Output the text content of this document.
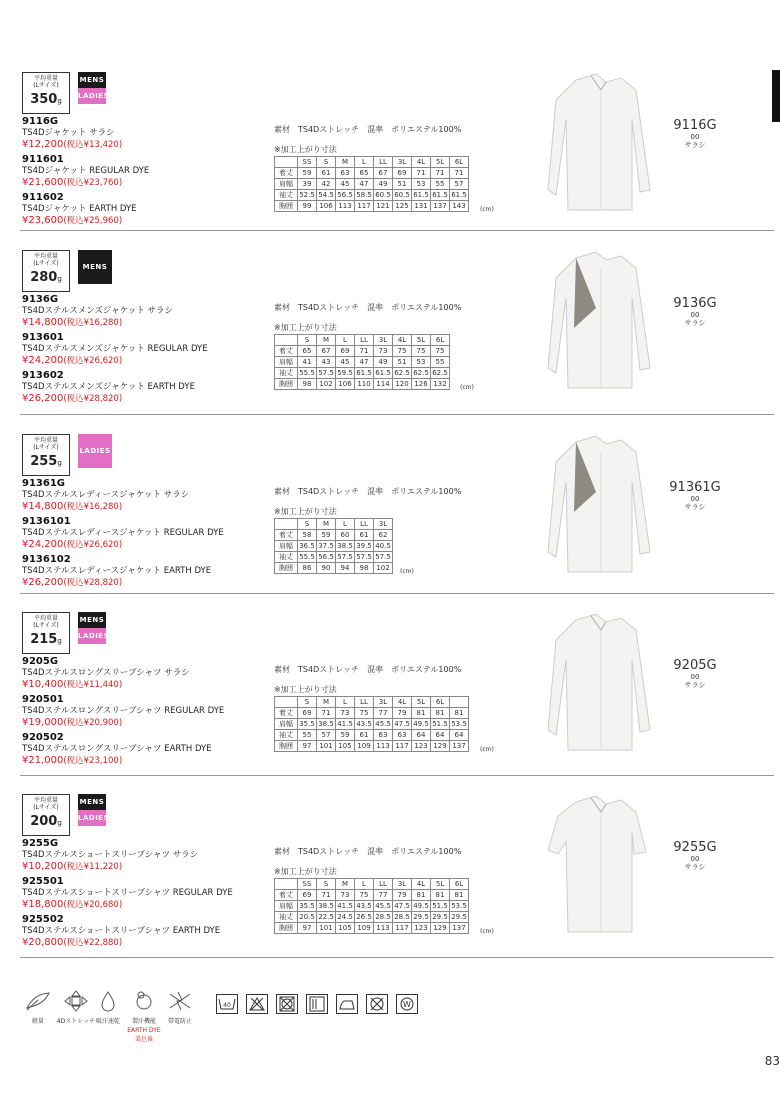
83
平均重量
(Lサイズ)
350g
MENS
LADIES
9116G
TS4Dジャケット サラシ
¥12,200(税込¥13,420)
911601
TS4Dジャケット REGULAR DYE
¥21,600(税込¥23,760)
911602
TS4Dジャケット EARTH DYE
¥23,600(税込¥25,960)
素材 TS4Dストレッチ 混率 ポリエステル100%
※加工上がり寸法
	SS	S	M	L	LL	3L	4L	5L	6L
着丈	59	61	63	65	67	69	71	71	71
肩幅	39	42	45	47	49	51	53	55	57
袖丈	52.5	54.5	56.5	58.5	60.5	60.5	61.5	61.5	61.5
胸囲	99	106	113	117	121	125	131	137	143 (cm)
9116G
00
サラシ
平均重量
(Lサイズ)
280g
MENS
9136G
TS4Dステルスメンズジャケット サラシ
¥14,800(税込¥16,280)
913601
TS4Dステルスメンズジャケット REGULAR DYE
¥24,200(税込¥26,620)
913602
TS4Dステルスメンズジャケット EARTH DYE
¥26,200(税込¥28,820)
素材 TS4Dストレッチ 混率 ポリエステル100%
※加工上がり寸法
	S	M	L	LL	3L	4L	5L	6L
着丈	65	67	69	71	73	75	75	75
肩幅	41	43	45	47	49	51	53	55
袖丈	55.5	57.5	59.5	61.5	61.5	62.5	62.5	62.5
胸囲	98	102	106	110	114	120	126	132 (cm)
9136G
00
サラシ
平均重量
(Lサイズ)
255g
LADIES
91361G
TS4Dステルスレディースジャケット サラシ
¥14,800(税込¥16,280)
9136101
TS4Dステルスレディースジャケット REGULAR DYE
¥24,200(税込¥26,620)
9136102
TS4Dステルスレディースジャケット EARTH DYE
¥26,200(税込¥28,820)
素材 TS4Dストレッチ 混率 ポリエステル100%
※加工上がり寸法
	S	M	L	LL	3L
着丈	58	59	60	61	62
肩幅	36.5	37.5	38.5	39.5	40.5
袖丈	55.5	56.5	57.5	57.5	57.5
胸囲	86	90	94	98	102 (cm)
91361G
00
サラシ
平均重量
(Lサイズ)
215g
MENS
LADIES
9205G
TS4Dステルスロングスリーブシャツ サラシ
¥10,400(税込¥11,440)
920501
TS4Dステルスロングスリーブシャツ REGULAR DYE
¥19,000(税込¥20,900)
920502
TS4Dステルスロングスリーブシャツ EARTH DYE
¥21,000(税込¥23,100)
素材 TS4Dストレッチ 混率 ポリエステル100%
※加工上がり寸法
	S	M	L	LL	3L	4L	5L	6L	
着丈	69	71	73	75	77	79	81	81	81
肩幅	35.5	38.5	41.5	43.5	45.5	47.5	49.5	51.5	53.5
袖丈	55	57	59	61	63	63	64	64	64
胸囲	97	101	105	109	113	117	123	129	137 (cm)
9205G
00
サラシ
平均重量
(Lサイズ)
200g
MENS
LADIES
9255G
TS4Dステルスショートスリーブシャツ サラシ
¥10,200(税込¥11,220)
925501
TS4Dステルスショートスリーブシャツ REGULAR DYE
¥18,800(税込¥20,680)
925502
TS4Dステルスショートスリーブシャツ EARTH DYE
¥20,800(税込¥22,880)
素材 TS4Dストレッチ 混率 ポリエステル100%
※加工上がり寸法
	SS	S	M	L	LL	3L	4L	5L	6L
着丈	69	71	73	75	77	79	81	81	81
肩幅	35.5	38.5	41.5	43.5	45.5	47.5	49.5	51.5	53.5
袖丈	20.5	22.5	24.5	26.5	28.5	28.5	29.5	29.5	29.5
胸囲	97	101	105	109	113	117	123	129	137 (cm)
9255G
00
サラシ
軽量	4Dストレッチ 吸汗速乾	製汗機能
EARTH DYE
染色後
帯電防止
40	W
